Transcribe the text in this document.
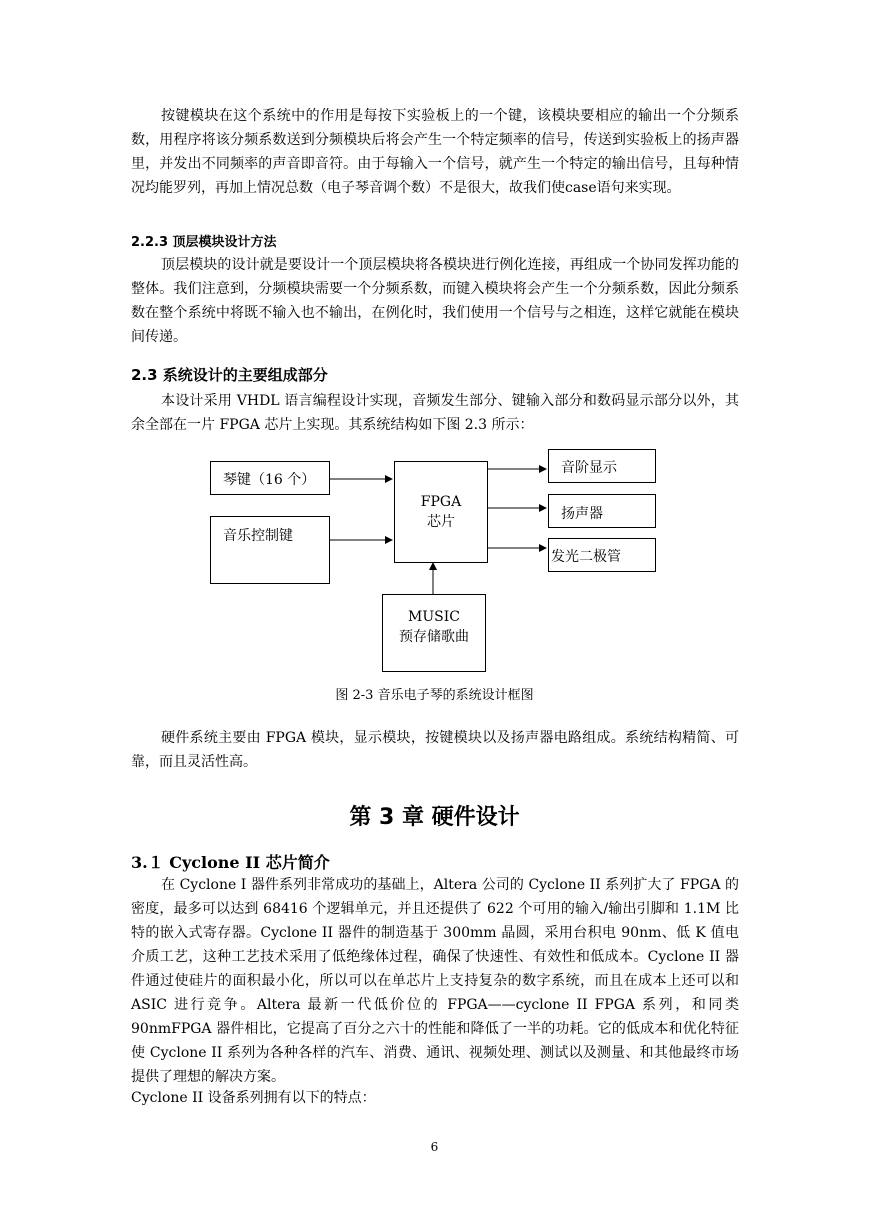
按键模块在这个系统中的作用是每按下实验板上的一个键，该模块要相应的输出一个分频系数，用程序将该分频系数送到分频模块后将会产生一个特定频率的信号，传送到实验板上的扬声器里，并发出不同频率的声音即音符。由于每输入一个信号，就产生一个特定的输出信号，且每种情况均能罗列，再加上情况总数（电子琴音调个数）不是很大，故我们使case语句来实现。

2.2.3 顶层模块设计方法

顶层模块的设计就是要设计一个顶层模块将各模块进行例化连接，再组成一个协同发挥功能的整体。我们注意到，分频模块需要一个分频系数，而键入模块将会产生一个分频系数，因此分频系数在整个系统中将既不输入也不输出，在例化时，我们使用一个信号与之相连，这样它就能在模块间传递。

2.3 系统设计的主要组成部分

本设计采用 VHDL 语言编程设计实现，音频发生部分、键输入部分和数码显示部分以外，其余全部在一片 FPGA 芯片上实现。其系统结构如下图 2.3 所示：

琴键（16 个）
音乐控制键
FPGA
芯片
音阶显示
扬声器
发光二极管
MUSIC
预存储歌曲

图 2-3 音乐电子琴的系统设计框图

硬件系统主要由 FPGA 模块，显示模块，按键模块以及扬声器电路组成。系统结构精简、可靠，而且灵活性高。

第 3 章 硬件设计

3.１ Cyclone II 芯片简介

在 Cyclone I 器件系列非常成功的基础上，Altera 公司的 Cyclone II 系列扩大了 FPGA 的密度，最多可以达到 68416 个逻辑单元，并且还提供了 622 个可用的输入/输出引脚和 1.1M 比特的嵌入式寄存器。Cyclone II 器件的制造基于 300mm 晶圆，采用台积电 90nm、低 K 值电介质工艺，这种工艺技术采用了低绝缘体过程，确保了快速性、有效性和低成本。Cyclone II 器件通过使硅片的面积最小化，所以可以在单芯片上支持复杂的数字系统，而且在成本上还可以和 ASIC 进行竞争。Altera 最新一代低价位的 FPGA——cyclone II FPGA 系列，和同类 90nmFPGA 器件相比，它提高了百分之六十的性能和降低了一半的功耗。它的低成本和优化特征使 Cyclone II 系列为各种各样的汽车、消费、通讯、视频处理、测试以及测量、和其他最终市场提供了理想的解决方案。

Cyclone II 设备系列拥有以下的特点：

6
